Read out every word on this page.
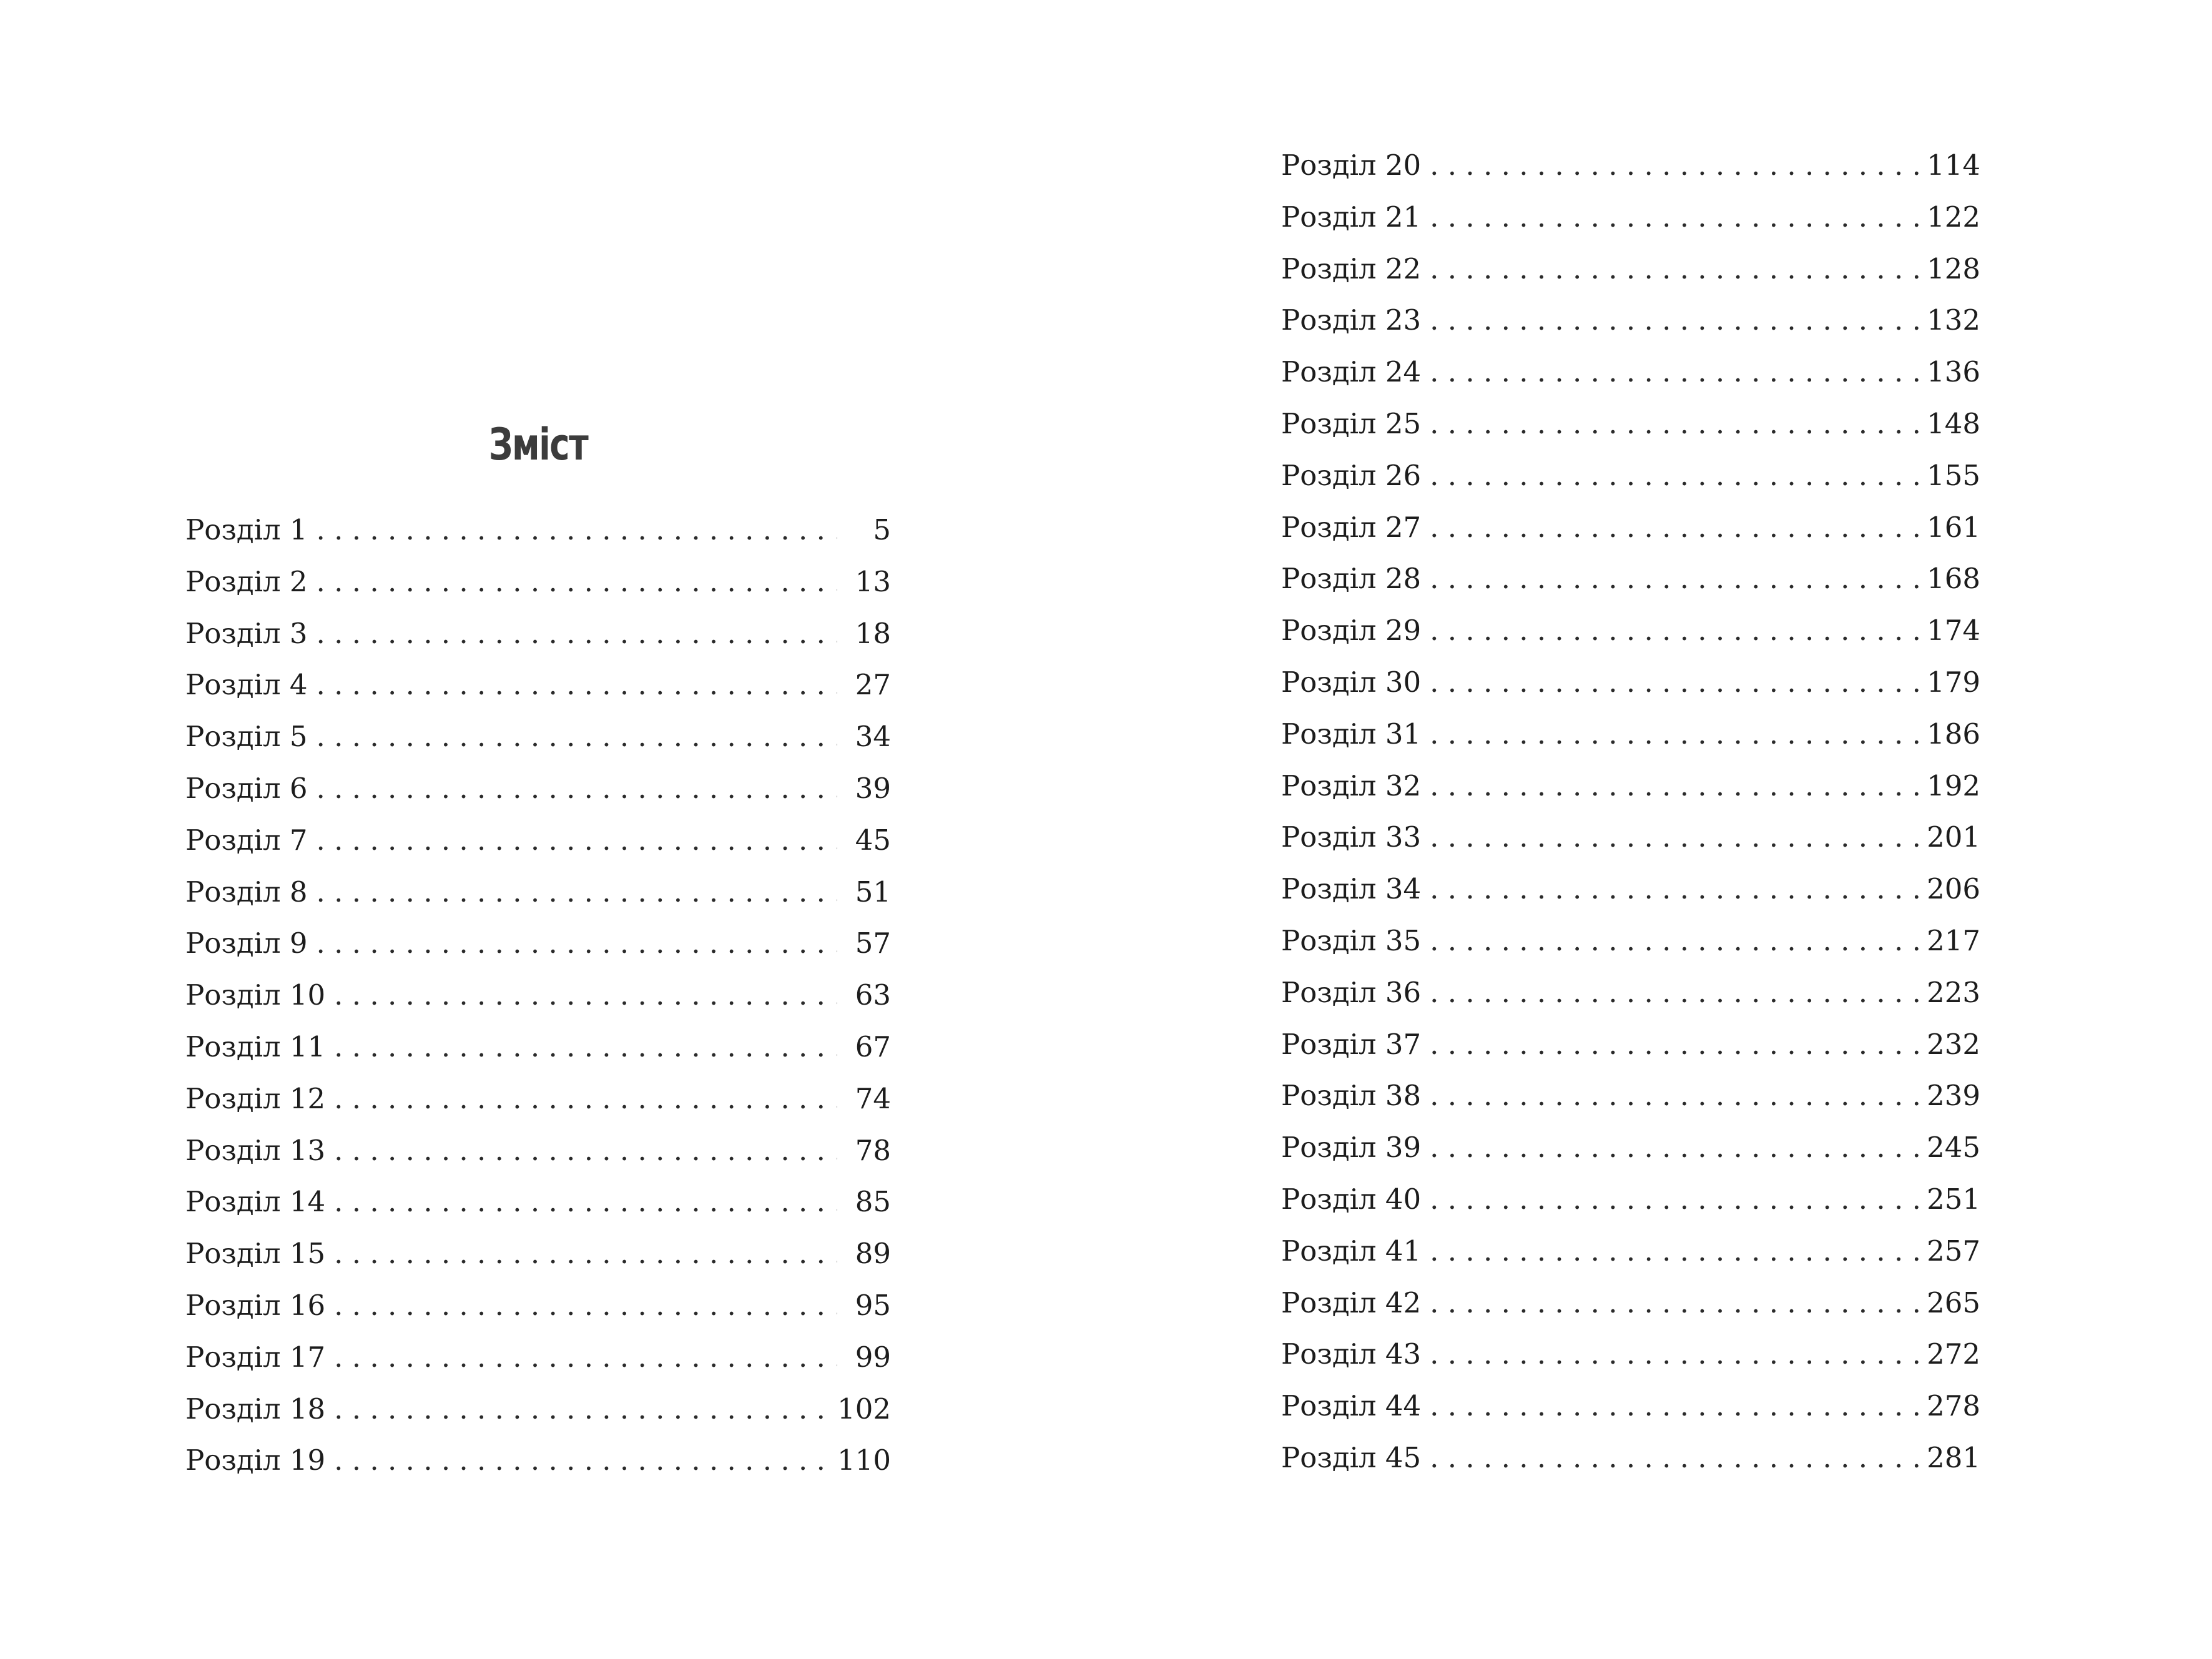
Зміст
Розділ 1 . . .	5
Розділ 2 . . .	13
Розділ 3 . . .	18
Розділ 4 . . .	27
Розділ 5 . . .	34
Розділ 6 . . .	39
Розділ 7 . . .	45
Розділ 8 . . .	51
Розділ 9 . . .	57
Розділ 10 . . .	63
Розділ 11 . . .	67
Розділ 12 . . .	74
Розділ 13 . . .	78
Розділ 14 . . .	85
Розділ 15 . . .	89
Розділ 16 . . .	95
Розділ 17 . . .	99
Розділ 18 . . .	102
Розділ 19 . . .	110
Розділ 20 . . .	114
Розділ 21 . . .	122
Розділ 22 . . .	128
Розділ 23 . . .	132
Розділ 24 . . .	136
Розділ 25 . . .	148
Розділ 26 . . .	155
Розділ 27 . . .	161
Розділ 28 . . .	168
Розділ 29 . . .	174
Розділ 30 . . .	179
Розділ 31 . . .	186
Розділ 32 . . .	192
Розділ 33 . . .	201
Розділ 34 . . .	206
Розділ 35 . . .	217
Розділ 36 . . .	223
Розділ 37 . . .	232
Розділ 38 . . .	239
Розділ 39 . . .	245
Розділ 40 . . .	251
Розділ 41 . . .	257
Розділ 42 . . .	265
Розділ 43 . . .	272
Розділ 44 . . .	278
Розділ 45 . . .	281
